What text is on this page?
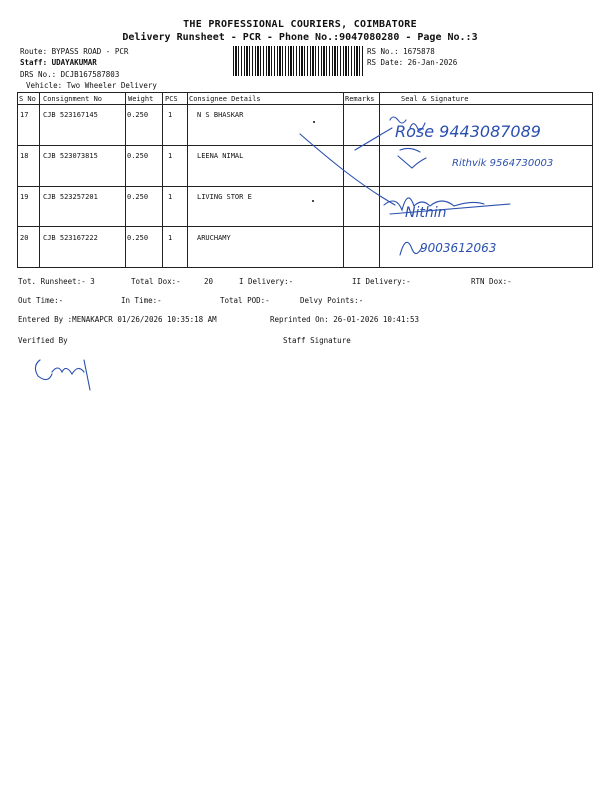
THE PROFESSIONAL COURIERS, COIMBATORE
Delivery Runsheet - PCR - Phone No.:9047080280 - Page No.:3
Route: BYPASS ROAD - PCR
Staff: UDAYAKUMAR
DRS No.: DCJB167587803
Vehicle: Two Wheeler Delivery
RS No.: 1675878
RS Date: 26-Jan-2026
S No Consignment No	Weight PCS Consignee Details	Remarks	Seal & Signature
17 CJB 523167145	0.250	1	N S BHASKAR
18 CJB 523073815	0.250	1	LEENA NIMAL
19 CJB 523257201	0.250	1	LIVING STOR E
20 CJB 523167222	0.250	1	ARUCHAMY
Rose 9443087089
Rithvik 9564730003
Nithin
9003612063
Tot. Runsheet:- 3	Total Dox:-	20	I Delivery:-	II Delivery:-	RTN Dox:-
Out Time:-	In Time:-	Total POD:-	Delvy Points:-
Entered By :MENAKAPCR 01/26/2026 10:35:18 AM	Reprinted On: 26-01-2026 10:41:53
Verified By	Staff Signature
